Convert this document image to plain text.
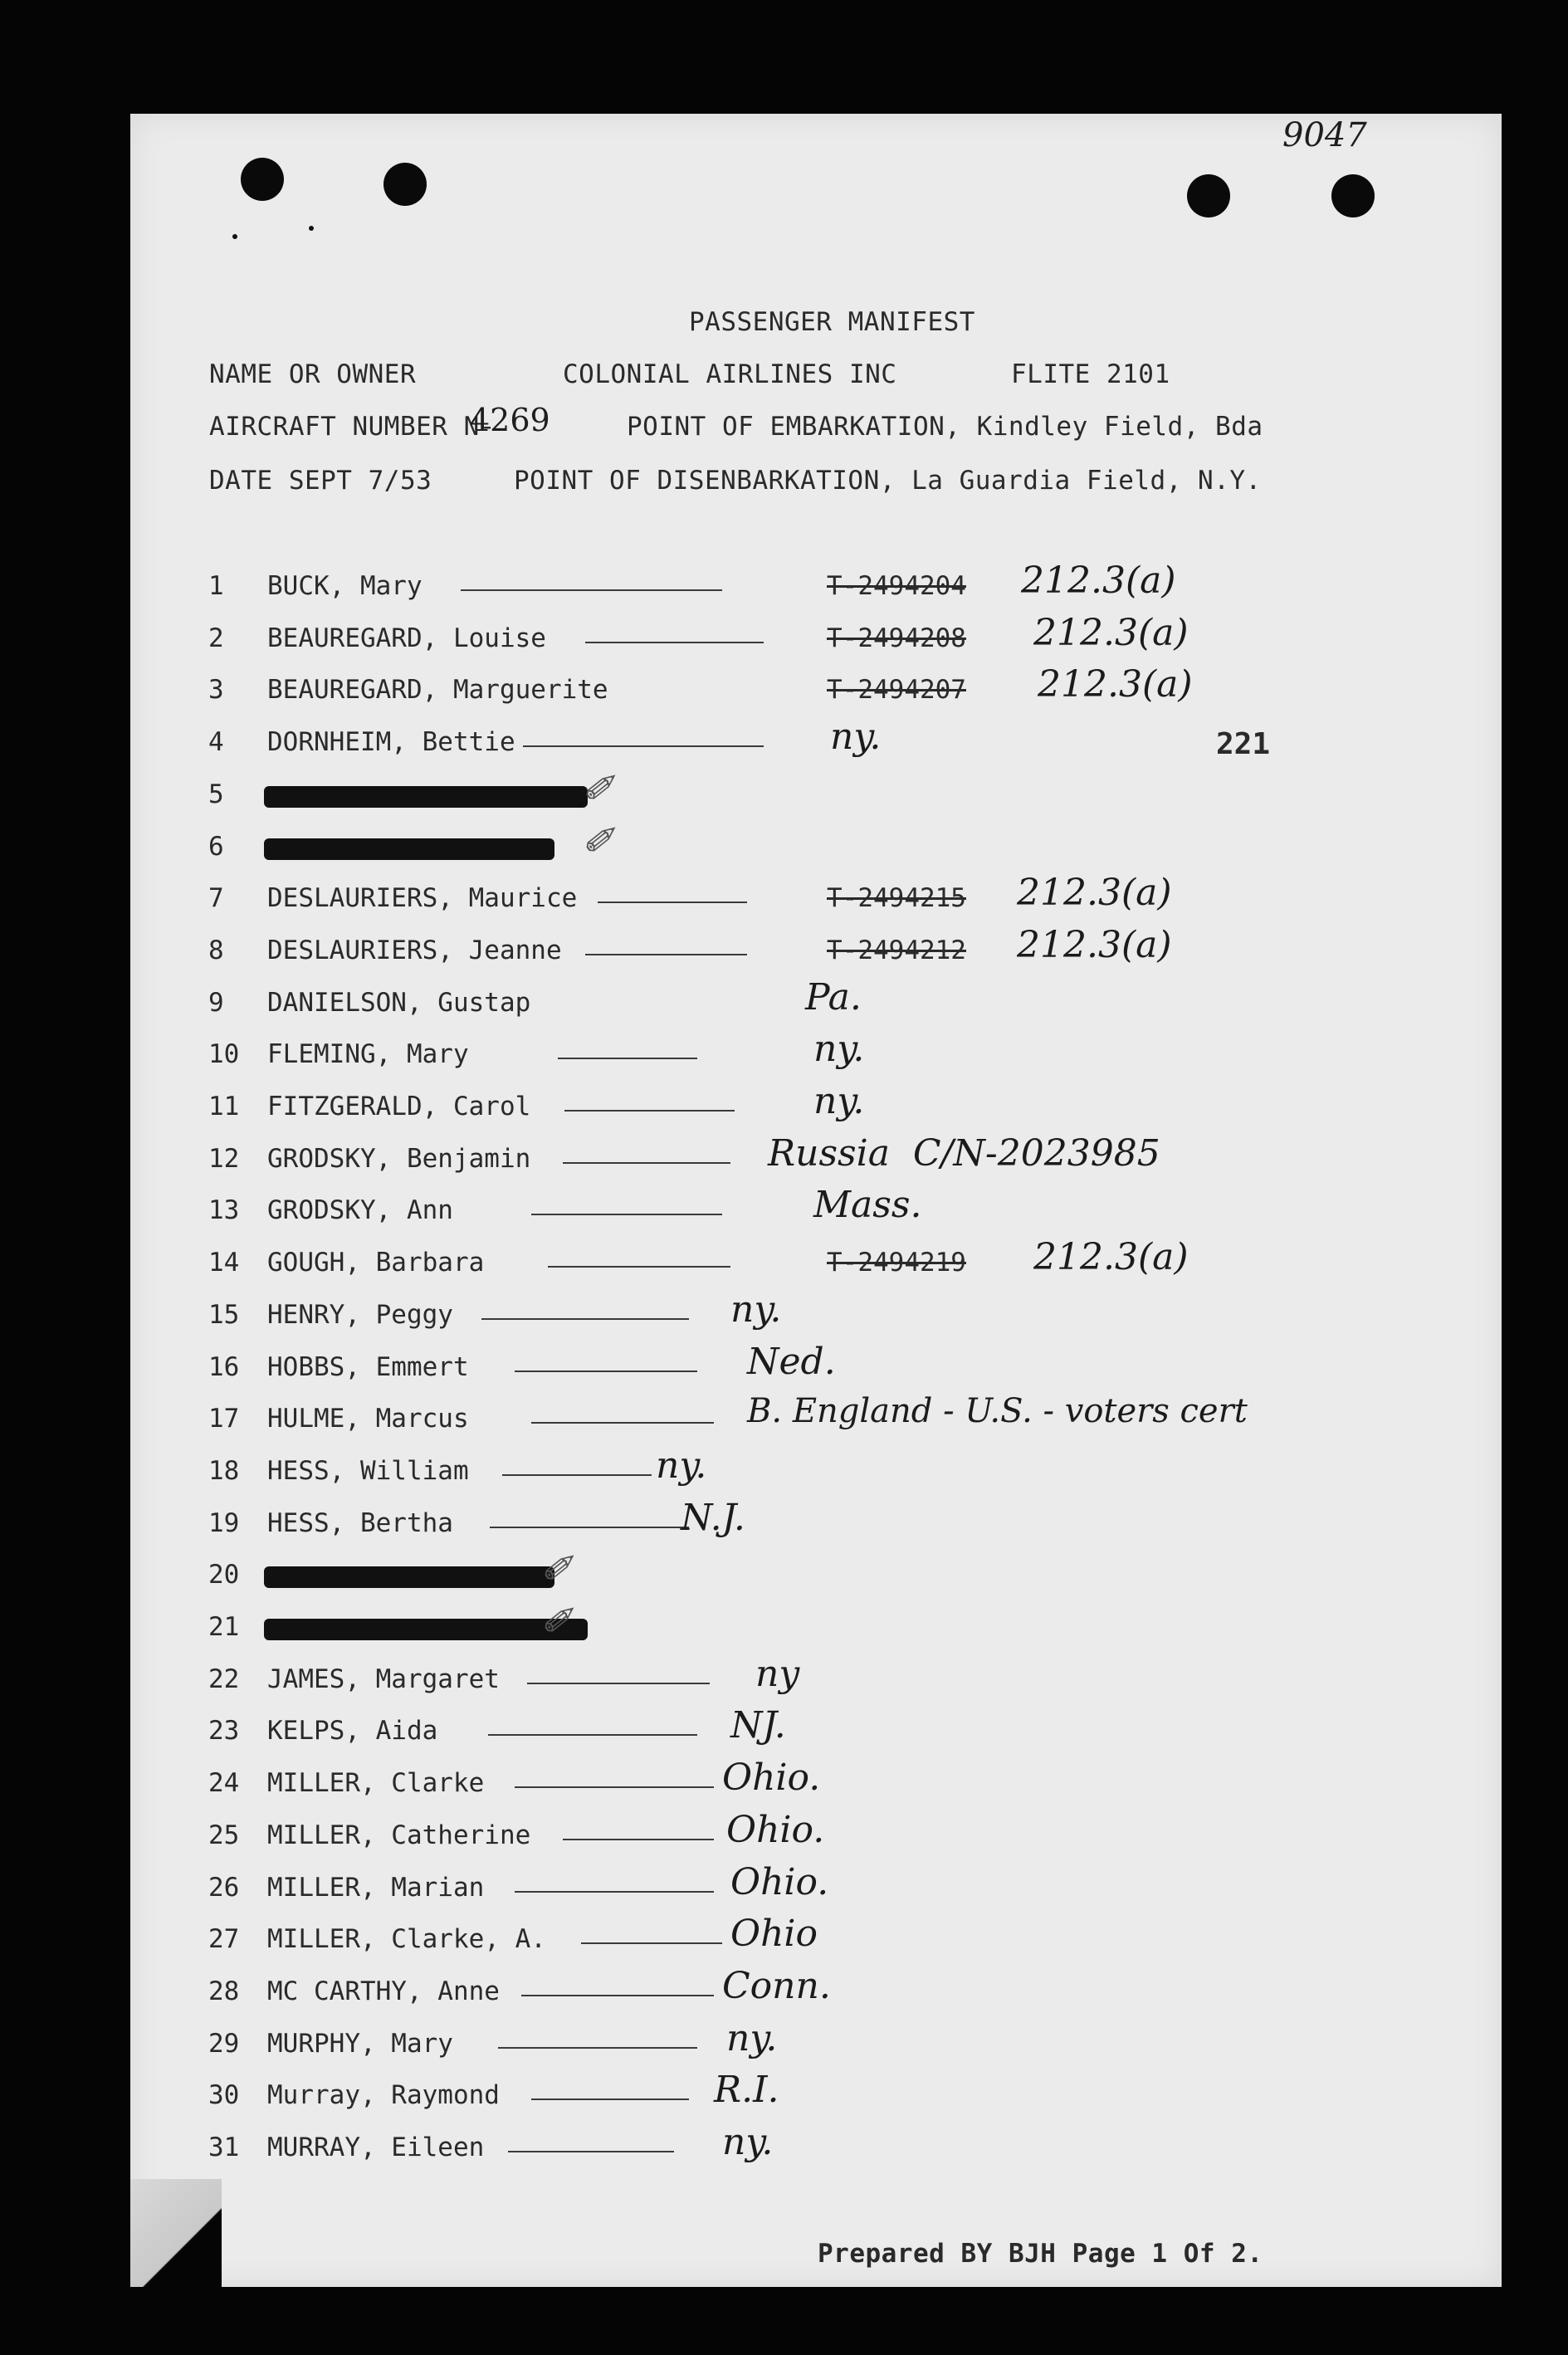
9047
PASSENGER MANIFEST
NAME OR OWNER	COLONIAL AIRLINES INC	FLITE 2101
AIRCRAFT NUMBER N-
4269	POINT OF EMBARKATION, Kindley Field, Bda
DATE SEPT 7/53	POINT OF DISENBARKATION, La Guardia Field, N.Y.
1 BUCK, Mary	T-2494204 212.3(a)
2 BEAUREGARD, Louise	T-2494208 212.3(a)
3 BEAUREGARD, Marguerite	T-2494207 212.3(a)
4 DORNHEIM, Bettie	ny.	221
5	✐
6	✐
7 DESLAURIERS, Maurice	T-2494215 212.3(a)
8 DESLAURIERS, Jeanne	T-2494212 212.3(a)
9 DANIELSON, Gustap	Pa.
10 FLEMING, Mary	ny.
11 FITZGERALD, Carol	ny.
12 GRODSKY, Benjamin	Russia  C/N-2023985
13 GRODSKY, Ann	Mass.
14 GOUGH, Barbara	T-2494219 212.3(a)
15 HENRY, Peggy	ny.
16 HOBBS, Emmert	Ned.
17 HULME, Marcus	B. England - U.S. - voters cert
18 HESS, William	ny.
19 HESS, Bertha	N.J.
20	✐
21	✐
22 JAMES, Margaret	ny
23 KELPS, Aida	NJ.
24 MILLER, Clarke	Ohio.
25 MILLER, Catherine	Ohio.
26 MILLER, Marian	Ohio.
27 MILLER, Clarke, A.	Ohio
28 MC CARTHY, Anne	Conn.
29 MURPHY, Mary	ny.
30 Murray, Raymond	R.I.
31 MURRAY, Eileen	ny.
Prepared BY BJH Page 1 Of 2.
